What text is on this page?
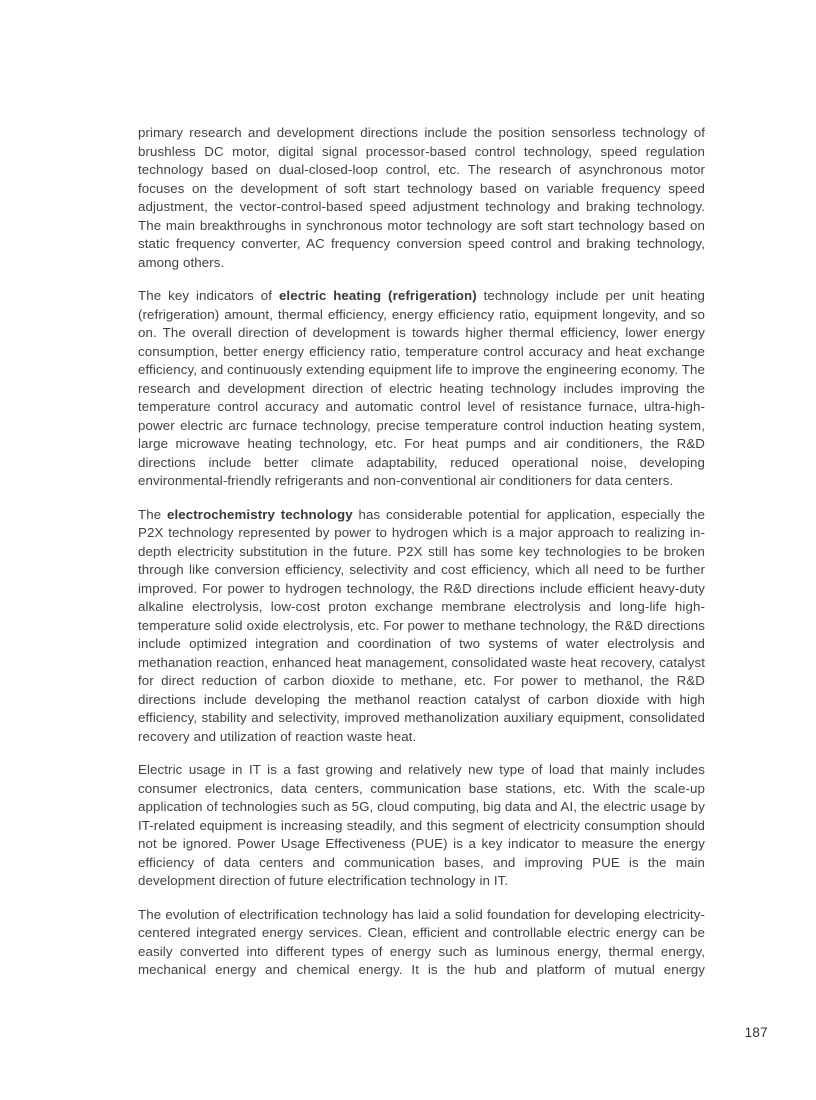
primary research and development directions include the position sensorless technology of brushless DC motor, digital signal processor-based control technology, speed regulation technology based on dual-closed-loop control, etc. The research of asynchronous motor focuses on the development of soft start technology based on variable frequency speed adjustment, the vector-control-based speed adjustment technology and braking technology. The main breakthroughs in synchronous motor technology are soft start technology based on static frequency converter, AC frequency conversion speed control and braking technology, among others.

The key indicators of electric heating (refrigeration) technology include per unit heating (refrigeration) amount, thermal efficiency, energy efficiency ratio, equipment longevity, and so on. The overall direction of development is towards higher thermal efficiency, lower energy consumption, better energy efficiency ratio, temperature control accuracy and heat exchange efficiency, and continuously extending equipment life to improve the engineering economy. The research and development direction of electric heating technology includes improving the temperature control accuracy and automatic control level of resistance furnace, ultra-high-power electric arc furnace technology, precise temperature control induction heating system, large microwave heating technology, etc. For heat pumps and air conditioners, the R&D directions include better climate adaptability, reduced operational noise, developing environmental-friendly refrigerants and non-conventional air conditioners for data centers.

The electrochemistry technology has considerable potential for application, especially the P2X technology represented by power to hydrogen which is a major approach to realizing in-depth electricity substitution in the future. P2X still has some key technologies to be broken through like conversion efficiency, selectivity and cost efficiency, which all need to be further improved. For power to hydrogen technology, the R&D directions include efficient heavy-duty alkaline electrolysis, low-cost proton exchange membrane electrolysis and long-life high-temperature solid oxide electrolysis, etc. For power to methane technology, the R&D directions include optimized integration and coordination of two systems of water electrolysis and methanation reaction, enhanced heat management, consolidated waste heat recovery, catalyst for direct reduction of carbon dioxide to methane, etc. For power to methanol, the R&D directions include developing the methanol reaction catalyst of carbon dioxide with high efficiency, stability and selectivity, improved methanolization auxiliary equipment, consolidated recovery and utilization of reaction waste heat.

Electric usage in IT is a fast growing and relatively new type of load that mainly includes consumer electronics, data centers, communication base stations, etc. With the scale-up application of technologies such as 5G, cloud computing, big data and AI, the electric usage by IT-related equipment is increasing steadily, and this segment of electricity consumption should not be ignored. Power Usage Effectiveness (PUE) is a key indicator to measure the energy efficiency of data centers and communication bases, and improving PUE is the main development direction of future electrification technology in IT.

The evolution of electrification technology has laid a solid foundation for developing electricity-centered integrated energy services. Clean, efficient and controllable electric energy can be easily converted into different types of energy such as luminous energy, thermal energy, mechanical energy and chemical energy. It is the hub and platform of mutual energy

187
